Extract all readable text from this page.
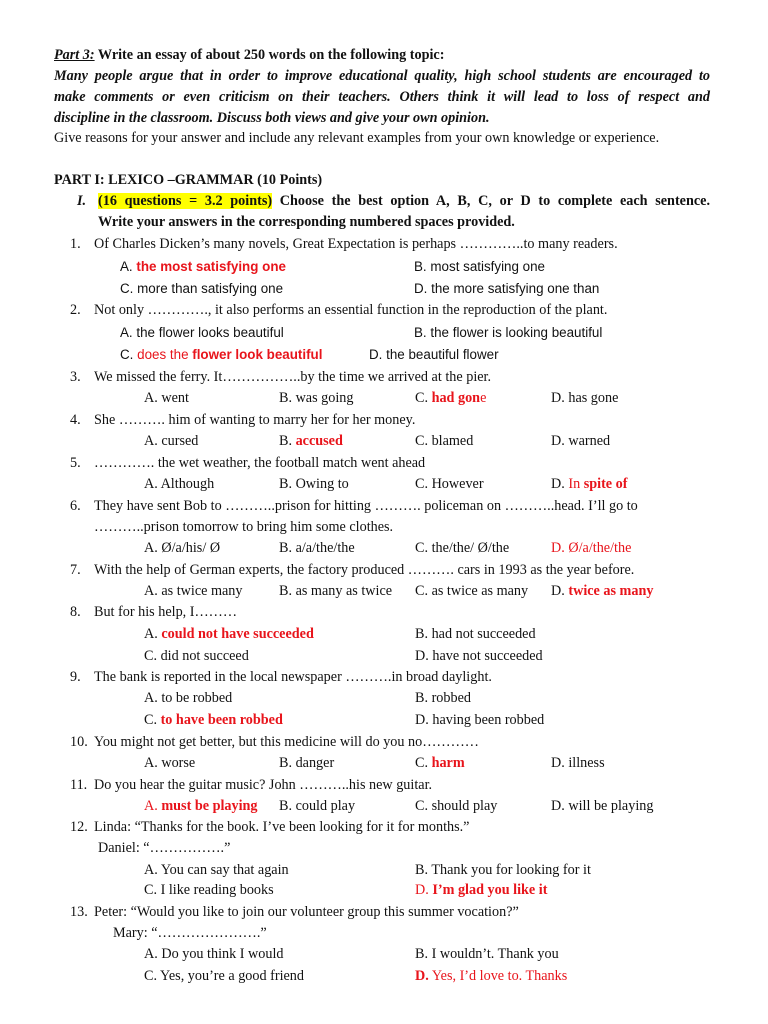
Part 3: Write an essay of about 250 words on the following topic:
Many people argue that in order to improve educational quality, high school students are encouraged to
make comments or even criticism on their teachers. Others think it will lead to loss of respect and
discipline in the classroom. Discuss both views and give your own opinion.
Give reasons for your answer and include any relevant examples from your own knowledge or experience.
PART I: LEXICO –GRAMMAR (10 Points)
I. (16 questions = 3.2 points) Choose the best option A, B, C, or D to complete each sentence.
Write your answers in the corresponding numbered spaces provided.
1. Of Charles Dicken’s many novels, Great Expectation is perhaps …………..to many readers.
A. the most satisfying one	B. most satisfying one
C. more than satisfying one	D. the more satisfying one than
2. Not only …………., it also performs an essential function in the reproduction of the plant.
A. the flower looks beautiful	B. the flower is looking beautiful
C. does the flower look beautiful	D. the beautiful flower
3. We missed the ferry. It……………..by the time we arrived at the pier.
A. went	B. was going	C. had gone	D. has gone
4. She ………. him of wanting to marry her for her money.
A. cursed	B. accused	C. blamed	D. warned
5. …………. the wet weather, the football match went ahead
A. Although	B. Owing to	C. However	D. In spite of
6. They have sent Bob to ………..prison for hitting ………. policeman on ………..head. I’ll go to
………..prison tomorrow to bring him some clothes.
A. Ø/a/his/ Ø	B. a/a/the/the	C. the/the/ Ø/the	D. Ø/a/the/the
7. With the help of German experts, the factory produced ………. cars in 1993 as the year before.
A. as twice many	B. as many as twice C. as twice as many D. twice as many
8. But for his help, I………
A. could not have succeeded	B. had not succeeded
C. did not succeed	D. have not succeeded
9. The bank is reported in the local newspaper ……….in broad daylight.
A. to be robbed	B. robbed
C. to have been robbed	D. having been robbed
10. You might not get better, but this medicine will do you no…………
A. worse	B. danger	C. harm	D. illness
11. Do you hear the guitar music? John ………..his new guitar.
A. must be playing B. could play	C. should play	D. will be playing
12. Linda: “Thanks for the book. I’ve been looking for it for months.”
Daniel: “…………….”
A. You can say that again	B. Thank you for looking for it
C. I like reading books	D. I’m glad you like it
13. Peter: “Would you like to join our volunteer group this summer vocation?”
Mary: “………………….”
A. Do you think I would	B. I wouldn’t. Thank you
C. Yes, you’re a good friend	D. Yes, I’d love to. Thanks
